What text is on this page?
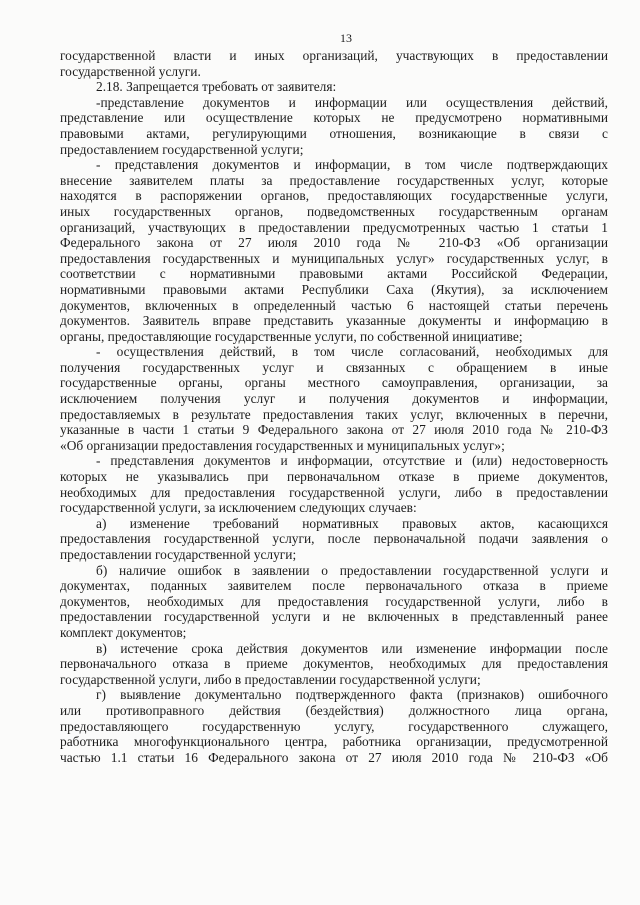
13
государственной власти и иных организаций, участвующих в предоставлении
государственной услуги.
2.18. Запрещается требовать от заявителя:
-представление документов и информации или осуществления действий,
представление или осуществление которых не предусмотрено нормативными
правовыми актами, регулирующими отношения, возникающие в связи с
предоставлением государственной услуги;
- представления документов и информации, в том числе подтверждающих
внесение заявителем платы за предоставление государственных услуг, которые
находятся в распоряжении органов, предоставляющих государственные услуги,
иных государственных органов, подведомственных государственным органам
организаций, участвующих в предоставлении предусмотренных частью 1 статьи 1
Федерального закона от 27 июля 2010 года № 210-ФЗ «Об организации
предоставления государственных и муниципальных услуг» государственных услуг, в
соответствии с нормативными правовыми актами Российской Федерации,
нормативными правовыми актами Республики Саха (Якутия), за исключением
документов, включенных в определенный частью 6 настоящей статьи перечень
документов. Заявитель вправе представить указанные документы и информацию в
органы, предоставляющие государственные услуги, по собственной инициативе;
- осуществления действий, в том числе согласований, необходимых для
получения государственных услуг и связанных с обращением в иные
государственные органы, органы местного самоуправления, организации, за
исключением получения услуг и получения документов и информации,
предоставляемых в результате предоставления таких услуг, включенных в перечни,
указанные в части 1 статьи 9 Федерального закона от 27 июля 2010 года № 210-ФЗ
«Об организации предоставления государственных и муниципальных услуг»;
- представления документов и информации, отсутствие и (или) недостоверность
которых не указывались при первоначальном отказе в приеме документов,
необходимых для предоставления государственной услуги, либо в предоставлении
государственной услуги, за исключением следующих случаев:
а) изменение требований нормативных правовых актов, касающихся
предоставления государственной услуги, после первоначальной подачи заявления о
предоставлении государственной услуги;
б) наличие ошибок в заявлении о предоставлении государственной услуги и
документах, поданных заявителем после первоначального отказа в приеме
документов, необходимых для предоставления государственной услуги, либо в
предоставлении государственной услуги и не включенных в представленный ранее
комплект документов;
в) истечение срока действия документов или изменение информации после
первоначального отказа в приеме документов, необходимых для предоставления
государственной услуги, либо в предоставлении государственной услуги;
г) выявление документально подтвержденного факта (признаков) ошибочного
или противоправного действия (бездействия) должностного лица органа,
предоставляющего государственную услугу, государственного служащего,
работника многофункционального центра, работника организации, предусмотренной
частью 1.1 статьи 16 Федерального закона от 27 июля 2010 года № 210-ФЗ «Об
